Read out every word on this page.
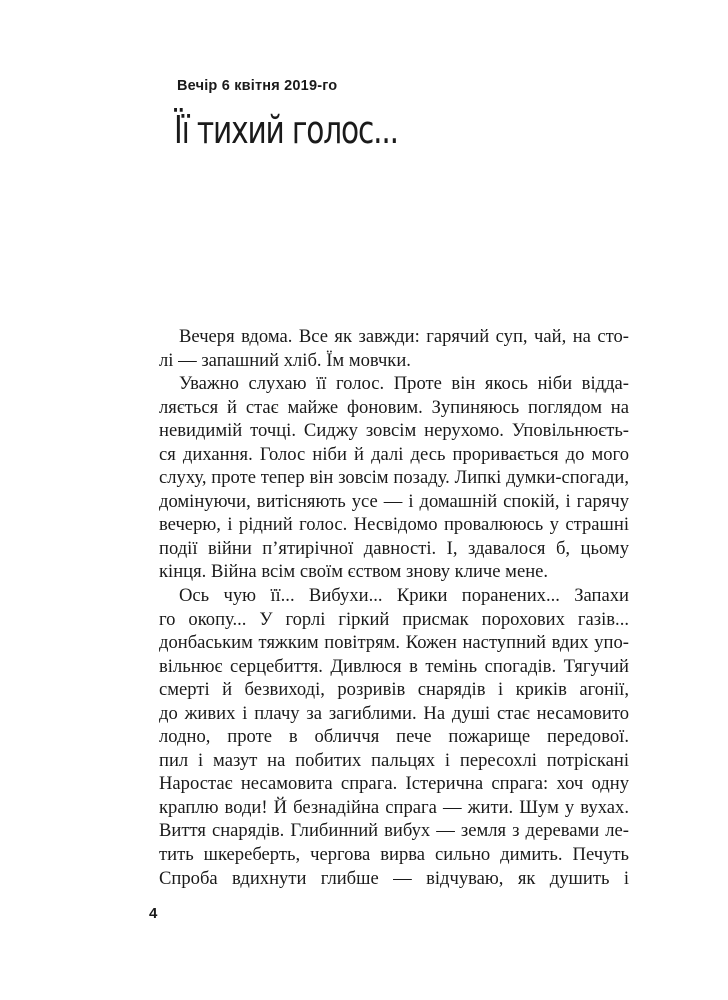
Вечір 6 квітня 2019-го
Її тихий голос...
Вечеря вдома. Все як завжди: гарячий суп, чай, на сто-
лі — запашний хліб. Їм мовчки.
Уважно слухаю її голос. Проте він якось ніби відда-
ляється й стає майже фоновим. Зупиняюсь поглядом на
невидимій точці. Сиджу зовсім нерухомо. Уповільнюєть-
ся дихання. Голос ніби й далі десь проривається до мого
слуху, проте тепер він зовсім позаду. Липкі думки-спогади,
домінуючи, витісняють усе — і домашній спокій, і гарячу
вечерю, і рідний голос. Несвідомо провалююсь у страшні
події війни п’ятирічної давності. І, здавалося б, цьому
кінця. Війна всім своїм єством знову кличе мене.
Ось чую її... Вибухи... Крики поранених... Запахи
го окопу... У горлі гіркий присмак порохових газів...
донбаським тяжким повітрям. Кожен наступний вдих упо-
вільнює серцебиття. Дивлюся в темінь спогадів. Тягучий
смерті й безвиході, розривів снарядів і криків агонії,
до живих і плачу за загиблими. На душі стає несамовито
лодно, проте в обличчя пече пожарище передової.
пил і мазут на побитих пальцях і пересохлі потріскані
Наростає несамовита спрага. Істерична спрага: хоч одну
краплю води! Й безнадійна спрага — жити. Шум у вухах.
Виття снарядів. Глибинний вибух — земля з деревами ле-
тить шкереберть, чергова вирва сильно димить. Печуть
Спроба вдихнути глибше — відчуваю, як душить і
4
